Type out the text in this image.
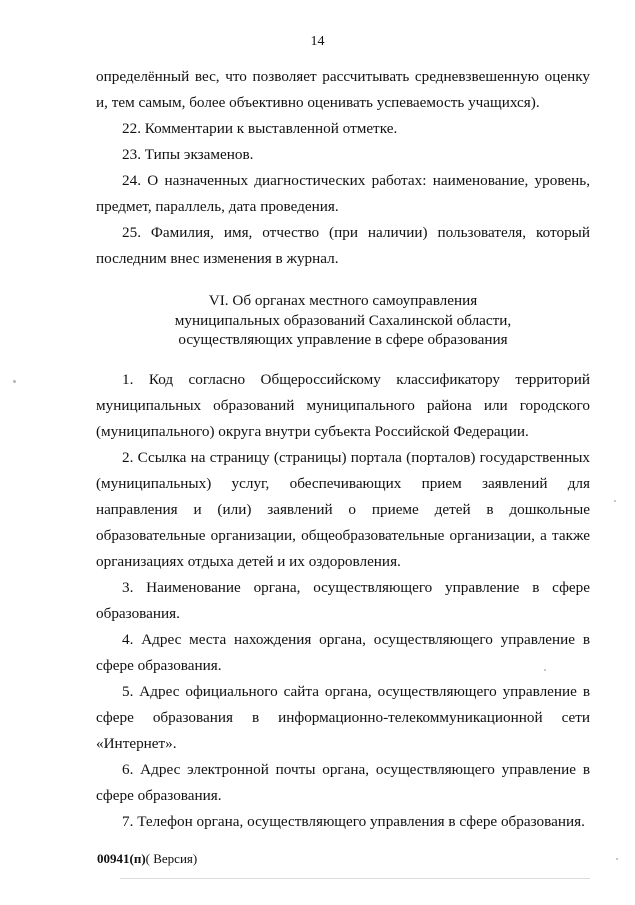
14

определённый вес, что позволяет рассчитывать средневзвешенную оценку и, тем самым, более объективно оценивать успеваемость учащихся).

22. Комментарии к выставленной отметке.

23. Типы экзаменов.

24. О назначенных диагностических работах: наименование, уровень, предмет, параллель, дата проведения.

25. Фамилия, имя, отчество (при наличии) пользователя, который последним внес изменения в журнал.

VI. Об органах местного самоуправления
муниципальных образований Сахалинской области,
осуществляющих управление в сфере образования

1. Код согласно Общероссийскому классификатору территорий муниципальных образований муниципального района или городского (муниципального) округа внутри субъекта Российской Федерации.

2. Ссылка на страницу (страницы) портала (порталов) государственных (муниципальных) услуг, обеспечивающих прием заявлений для направления и (или) заявлений о приеме детей в дошкольные образовательные организации, общеобразовательные организации, а также организациях отдыха детей и их оздоровления.

3. Наименование органа, осуществляющего управление в сфере образования.

4. Адрес места нахождения органа, осуществляющего управление в сфере образования.

5. Адрес официального сайта органа, осуществляющего управление в сфере образования в информационно-телекоммуникационной сети «Интернет».

6. Адрес электронной почты органа, осуществляющего управление в сфере образования.

7. Телефон органа, осуществляющего управления в сфере образования.

00941(п)( Версия)
